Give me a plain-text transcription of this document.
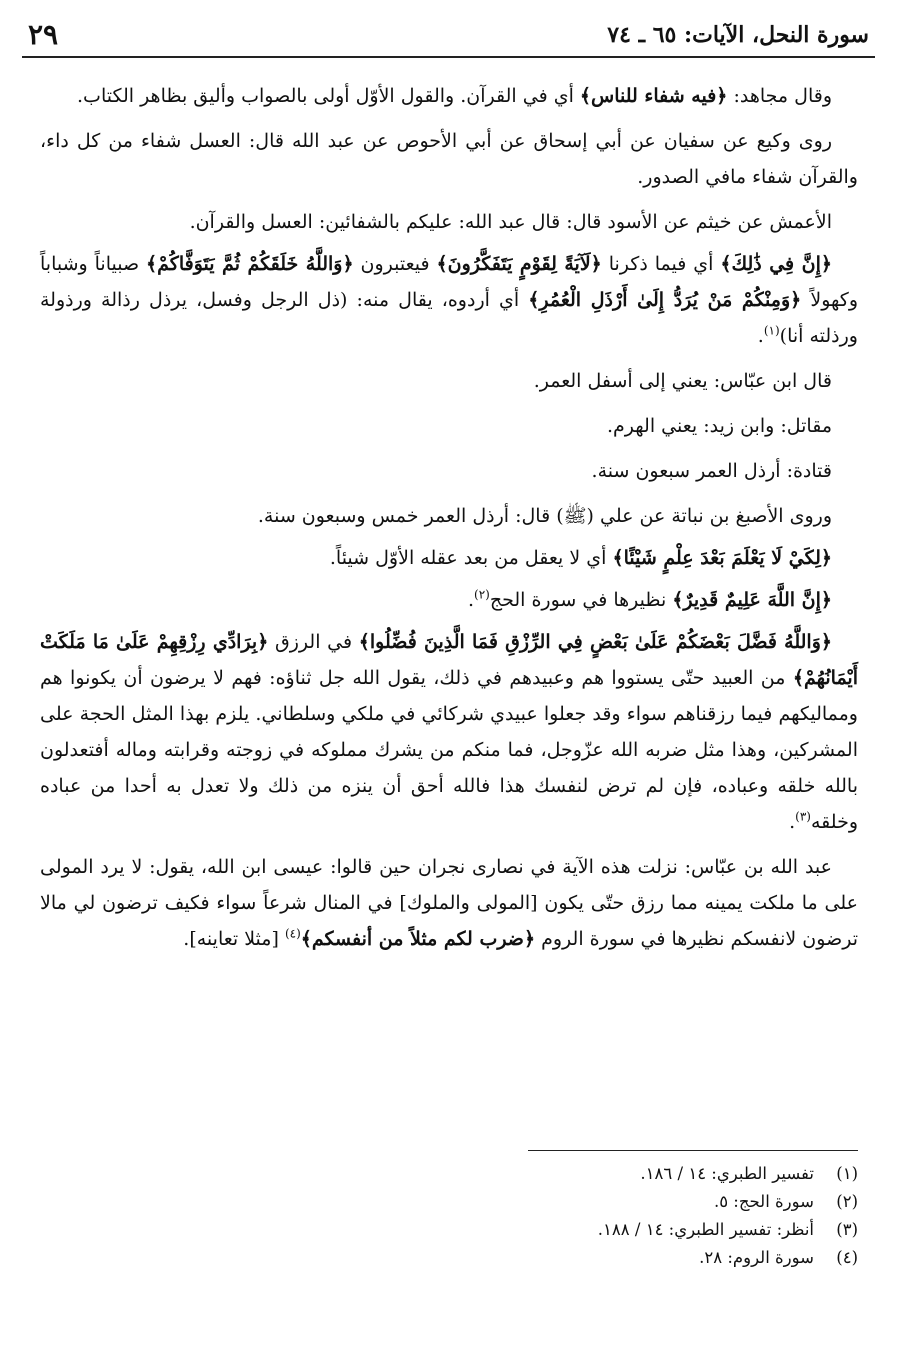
سورة النحل، الآيات: ٦٥ ـ ٧٤
٢٩

وقال مجاهد: ﴿فيه شفاء للناس﴾ أي في القرآن. والقول الأوّل أولى بالصواب وأليق بظاهر الكتاب.

روى وكيع عن سفيان عن أبي إسحاق عن أبي الأحوص عن عبد الله قال: العسل شفاء من كل داء، والقرآن شفاء مافي الصدور.

الأعمش عن خيثم عن الأسود قال: قال عبد الله: عليكم بالشفائين: العسل والقرآن.

﴿إِنَّ فِي ذَٰلِكَ﴾ أي فيما ذكرنا ﴿لَآيَةً لِقَوْمٍ يَتَفَكَّرُونَ﴾ فيعتبرون ﴿وَاللَّهُ خَلَقَكُمْ ثُمَّ يَتَوَفَّاكُمْ﴾ صبياناً وشباباً وكهولاً ﴿وَمِنْكُمْ مَنْ يُرَدُّ إِلَىٰ أَرْذَلِ الْعُمُرِ﴾ أي أردوه، يقال منه: (ذل الرجل وفسل، يرذل رذالة ورذولة ورذلته أنا)$^{(١)}$.

قال ابن عبّاس: يعني إلى أسفل العمر.

مقاتل: وابن زيد: يعني الهرم.

قتادة: أرذل العمر سبعون سنة.

وروى الأصبغ بن نباتة عن علي (ﷺ) قال: أرذل العمر خمس وسبعون سنة.

﴿لِكَيْ لَا يَعْلَمَ بَعْدَ عِلْمٍ شَيْئًا﴾ أي لا يعقل من بعد عقله الأوّل شيئاً.

﴿إِنَّ اللَّهَ عَلِيمٌ قَدِيرٌ﴾ نظيرها في سورة الحج$^{(٢)}$.

﴿وَاللَّهُ فَضَّلَ بَعْضَكُمْ عَلَىٰ بَعْضٍ فِي الرِّزْقِ فَمَا الَّذِينَ فُضِّلُوا﴾ في الرزق ﴿بِرَادِّي رِزْقِهِمْ عَلَىٰ مَا مَلَكَتْ أَيْمَانُهُمْ﴾ من العبيد حتّى يستووا هم وعبيدهم في ذلك، يقول الله جل ثناؤه: فهم لا يرضون أن يكونوا هم ومماليكهم فيما رزقناهم سواء وقد جعلوا عبيدي شركائي في ملكي وسلطاني. يلزم بهذا المثل الحجة على المشركين، وهذا مثل ضربه الله عزّوجل، فما منكم من يشرك مملوكه في زوجته وقرابته وماله أفتعدلون بالله خلقه وعباده، فإن لم ترض لنفسك هذا فالله أحق أن ينزه من ذلك ولا تعدل به أحدا من عباده وخلقه$^{(٣)}$.

عبد الله بن عبّاس: نزلت هذه الآية في نصارى نجران حين قالوا: عيسى ابن الله، يقول: لا يرد المولى على ما ملكت يمينه مما رزق حتّى يكون [المولى والملوك] في المنال شرعاً سواء فكيف ترضون لي مالا ترضون لانفسكم نظيرها في سورة الروم ﴿ضرب لكم مثلاً من أنفسكم﴾$^{(٤)}$ [مثلا تعاينه].

(١)
تفسير الطبري: ١٤ / ١٨٦.
(٢)
سورة الحج: ٥.
(٣)
أنظر: تفسير الطبري: ١٤ / ١٨٨.
(٤)
سورة الروم: ٢٨.
